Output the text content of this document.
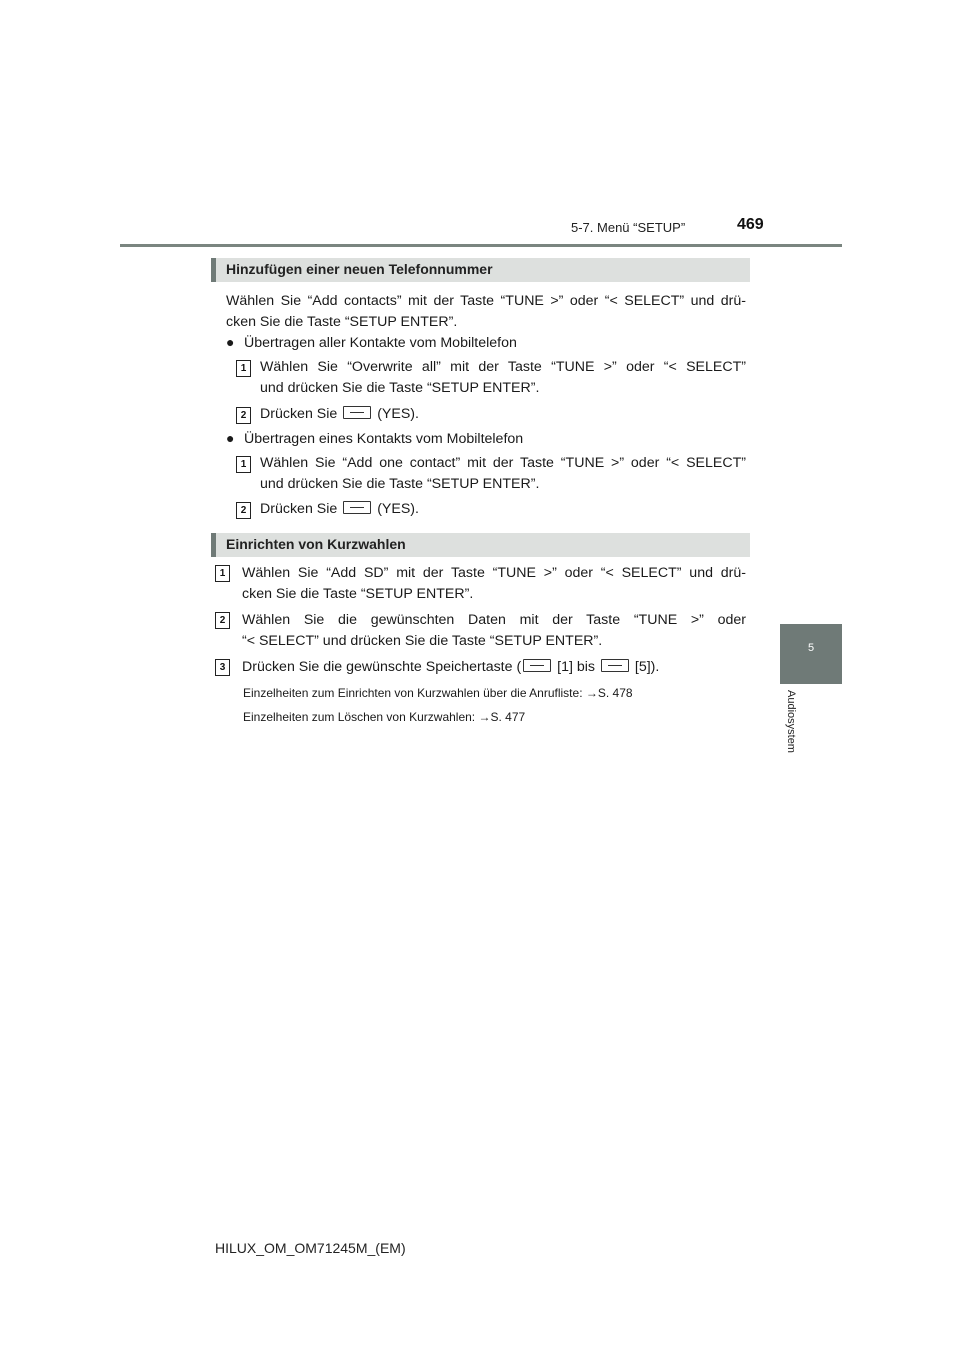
5-7. Menü “SETUP”	469
5
Audiosystem
Hinzufügen einer neuen Telefonnummer
Wählen Sie “Add contacts” mit der Taste “TUNE >” oder “< SELECT” und drü-
cken Sie die Taste “SETUP ENTER”.
● Übertragen aller Kontakte vom Mobiltelefon
1 Wählen Sie “Overwrite all” mit der Taste “TUNE >” oder “< SELECT”
und drücken Sie die Taste “SETUP ENTER”.
2 Drücken Sie	(YES).
● Übertragen eines Kontakts vom Mobiltelefon
1 Wählen Sie “Add one contact” mit der Taste “TUNE >” oder “< SELECT”
und drücken Sie die Taste “SETUP ENTER”.
2 Drücken Sie	(YES).
Einrichten von Kurzwahlen
1	Wählen Sie “Add SD” mit der Taste “TUNE >” oder “< SELECT” und drü-
cken Sie die Taste “SETUP ENTER”.
2	Wählen Sie die gewünschten Daten mit der Taste “TUNE >” oder
“< SELECT” und drücken Sie die Taste “SETUP ENTER”.
3	Drücken Sie die gewünschte Speichertaste (	[1] bis	[5]).
Einzelheiten zum Einrichten von Kurzwahlen über die Anrufliste: →S. 478
Einzelheiten zum Löschen von Kurzwahlen: →S. 477
HILUX_OM_OM71245M_(EM)
